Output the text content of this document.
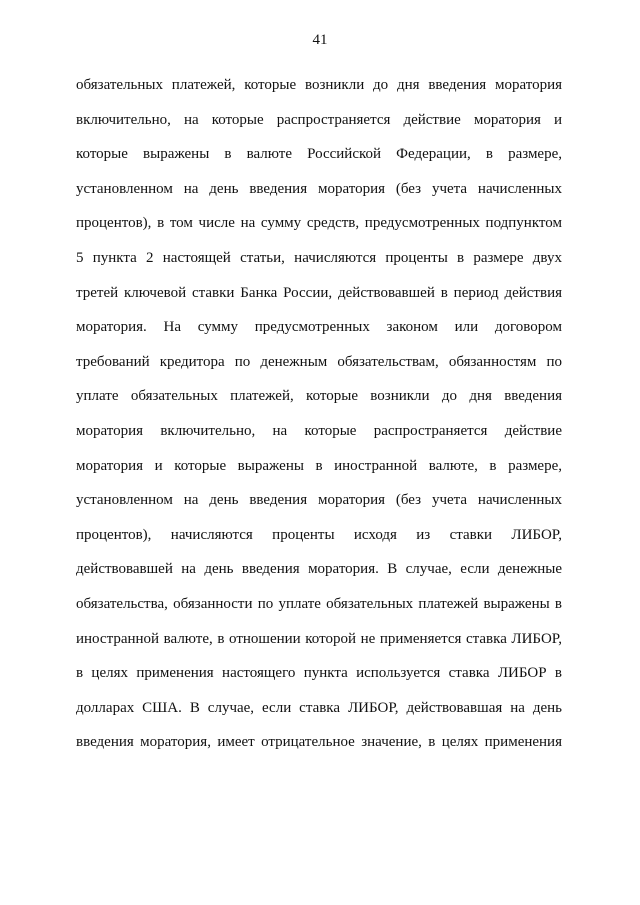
41
обязательных платежей, которые возникли до дня введения моратория
включительно, на которые распространяется действие моратория и
которые выражены в валюте Российской Федерации, в размере,
установленном на день введения моратория (без учета начисленных
процентов), в том числе на сумму средств, предусмотренных подпунктом
5 пункта 2 настоящей статьи, начисляются проценты в размере двух
третей ключевой ставки Банка России, действовавшей в период действия
моратория. На сумму предусмотренных законом или договором
требований кредитора по денежным обязательствам, обязанностям по
уплате обязательных платежей, которые возникли до дня введения
моратория включительно, на которые распространяется действие
моратория и которые выражены в иностранной валюте, в размере,
установленном на день введения моратория (без учета начисленных
процентов), начисляются проценты исходя из ставки ЛИБОР,
действовавшей на день введения моратория. В случае, если денежные
обязательства, обязанности по уплате обязательных платежей выражены в
иностранной валюте, в отношении которой не применяется ставка ЛИБОР,
в целях применения настоящего пункта используется ставка ЛИБОР в
долларах США. В случае, если ставка ЛИБОР, действовавшая на день
введения моратория, имеет отрицательное значение, в целях применения
